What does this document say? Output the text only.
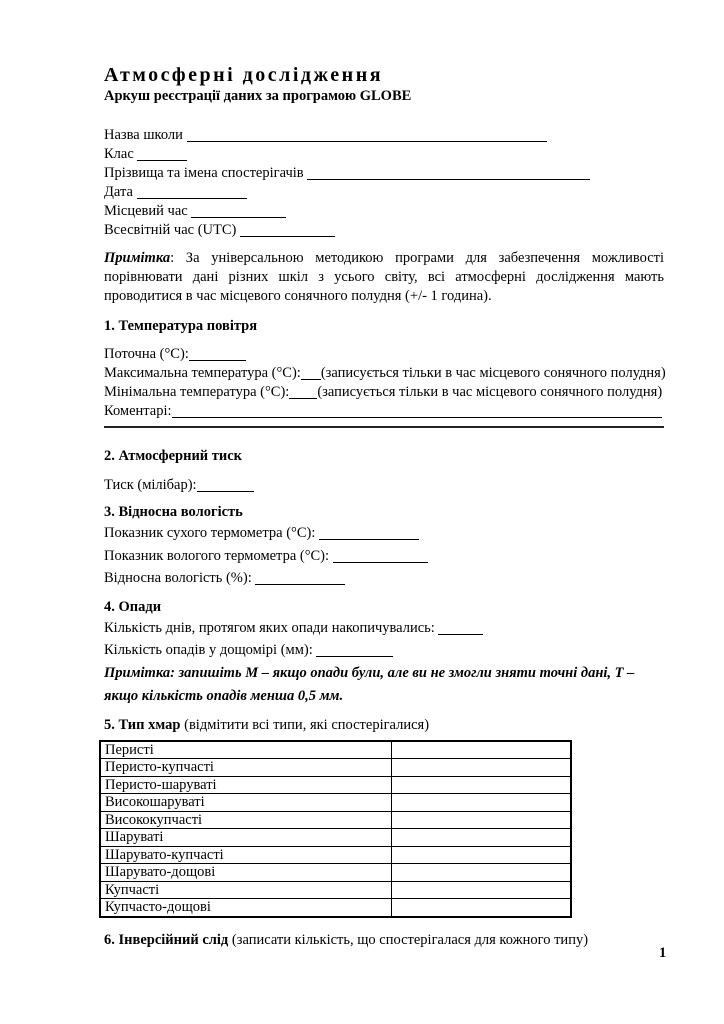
Атмосферні дослідження
Аркуш реєстрації даних за програмою GLOBE
Назва школи
Клас
Прізвища та імена спостерігачів
Дата
Місцевий час
Всесвітній час (UTC)
Примітка: За універсальною методикою програми для забезпечення можливості порівнювати дані різних шкіл з усього світу, всі атмосферні дослідження мають проводитися в час місцевого сонячного полудня (+/- 1 година).
1. Температура повітря
Поточна (°С):
Максимальна температура (°С): (записується тільки в час місцевого сонячного полудня)
Мінімальна температура (°С): (записується тільки в час місцевого сонячного полудня)
Коментарі:
2. Атмосферний тиск
Тиск (мілібар):
3. Відносна вологість
Показник сухого термометра (°С):
Показник вологого термометра (°С):
Відносна вологість (%):
4. Опади
Кількість днів, протягом яких опади накопичувались:
Кількість опадів у дощомірі (мм):
Примітка: запишіть М – якщо опади були, але ви не змогли зняти точні дані, Т – якщо кількість опадів менша 0,5 мм.
5. Тип хмар (відмітити всі типи, які спостерігалися)
Перисті	
Перисто-купчасті	
Перисто-шаруваті	
Високошаруваті	
Висококупчасті	
Шаруваті	
Шарувато-купчасті	
Шарувато-дощові	
Купчасті	
Купчасто-дощові	
6. Інверсійний слід (записати кількість, що спостерігалася для кожного типу)
1
